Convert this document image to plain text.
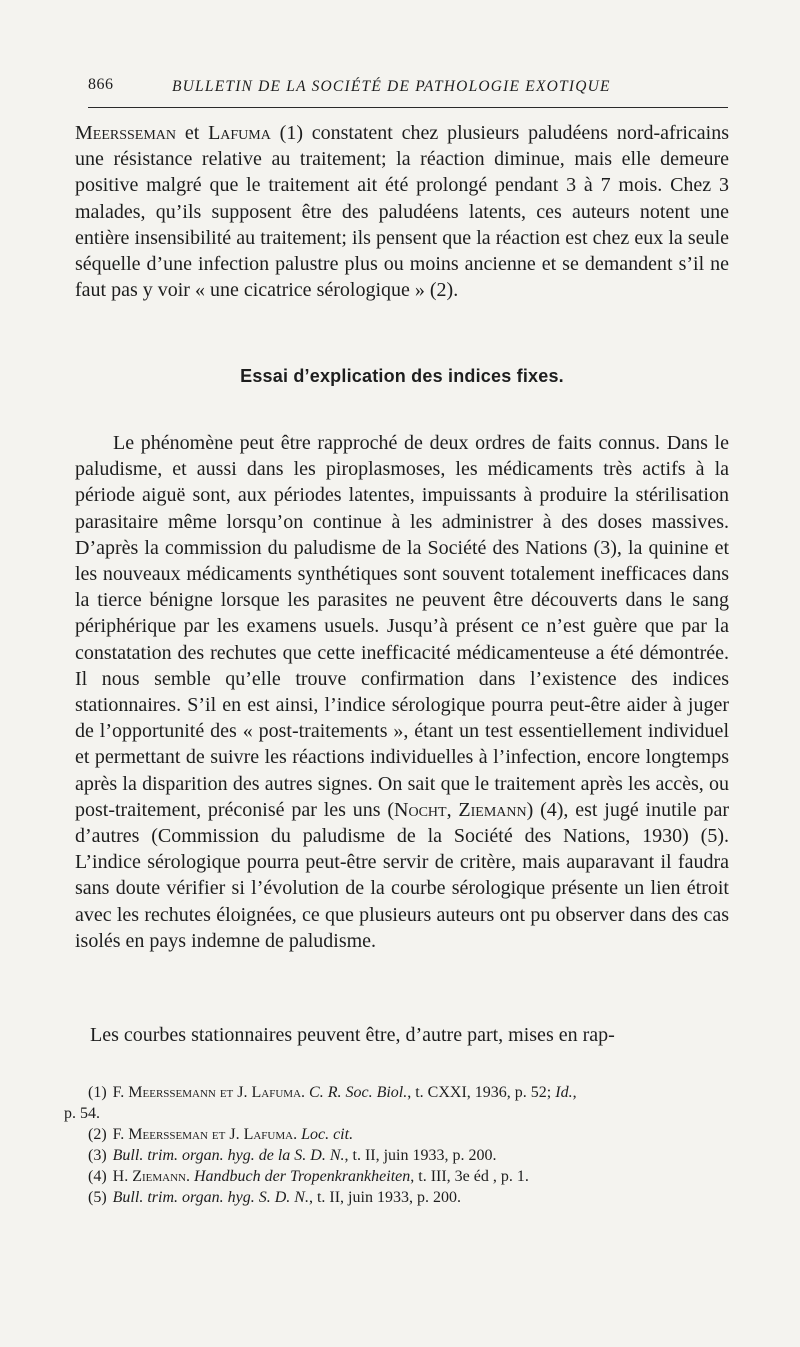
866	BULLETIN DE LA SOCIÉTÉ DE PATHOLOGIE EXOTIQUE

Meersseman et Lafuma (1) constatent chez plusieurs paludéens nord-africains une résistance relative au traitement; la réaction diminue, mais elle demeure positive malgré que le traitement ait été prolongé pendant 3 à 7 mois. Chez 3 malades, qu’ils supposent être des paludéens latents, ces auteurs notent une entière insensibilité au traitement; ils pensent que la réaction est chez eux la seule séquelle d’une infection palustre plus ou moins ancienne et se demandent s’il ne faut pas y voir « une cicatrice sérologique » (2).

Essai d’explication des indices fixes.

Le phénomène peut être rapproché de deux ordres de faits connus. Dans le paludisme, et aussi dans les piroplasmoses, les médicaments très actifs à la période aiguë sont, aux périodes latentes, impuissants à produire la stérilisation parasitaire même lorsqu’on continue à les administrer à des doses massives. D’après la commission du paludisme de la Société des Nations (3), la quinine et les nouveaux médicaments synthétiques sont souvent totalement inefficaces dans la tierce bénigne lorsque les parasites ne peuvent être découverts dans le sang périphérique par les examens usuels. Jusqu’à présent ce n’est guère que par la constatation des rechutes que cette inefficacité médicamenteuse a été démontrée. Il nous semble qu’elle trouve confirmation dans l’existence des indices stationnaires. S’il en est ainsi, l’indice sérologique pourra peut-être aider à juger de l’opportunité des « post-traitements », étant un test essentiellement individuel et permettant de suivre les réactions individuelles à l’infection, encore longtemps après la disparition des autres signes. On sait que le traitement après les accès, ou post-traitement, préconisé par les uns (Nocht, Ziemann) (4), est jugé inutile par d’autres (Commission du paludisme de la Société des Nations, 1930) (5). L’indice sérologique pourra peut-être servir de critère, mais auparavant il faudra sans doute vérifier si l’évolution de la courbe sérologique présente un lien étroit avec les rechutes éloignées, ce que plusieurs auteurs ont pu observer dans des cas isolés en pays indemne de paludisme.

Les courbes stationnaires peuvent être, d’autre part, mises en rap-

(1) F. Meerssemann et J. Lafuma. C. R. Soc. Biol., t. CXXI, 1936, p. 52; Id.,

p. 54.

(2) F. Meersseman et J. Lafuma. Loc. cit.

(3) Bull. trim. organ. hyg. de la S. D. N., t. II, juin 1933, p. 200.

(4) H. Ziemann. Handbuch der Tropenkrankheiten, t. III, 3e éd , p. 1.

(5) Bull. trim. organ. hyg. S. D. N., t. II, juin 1933, p. 200.
